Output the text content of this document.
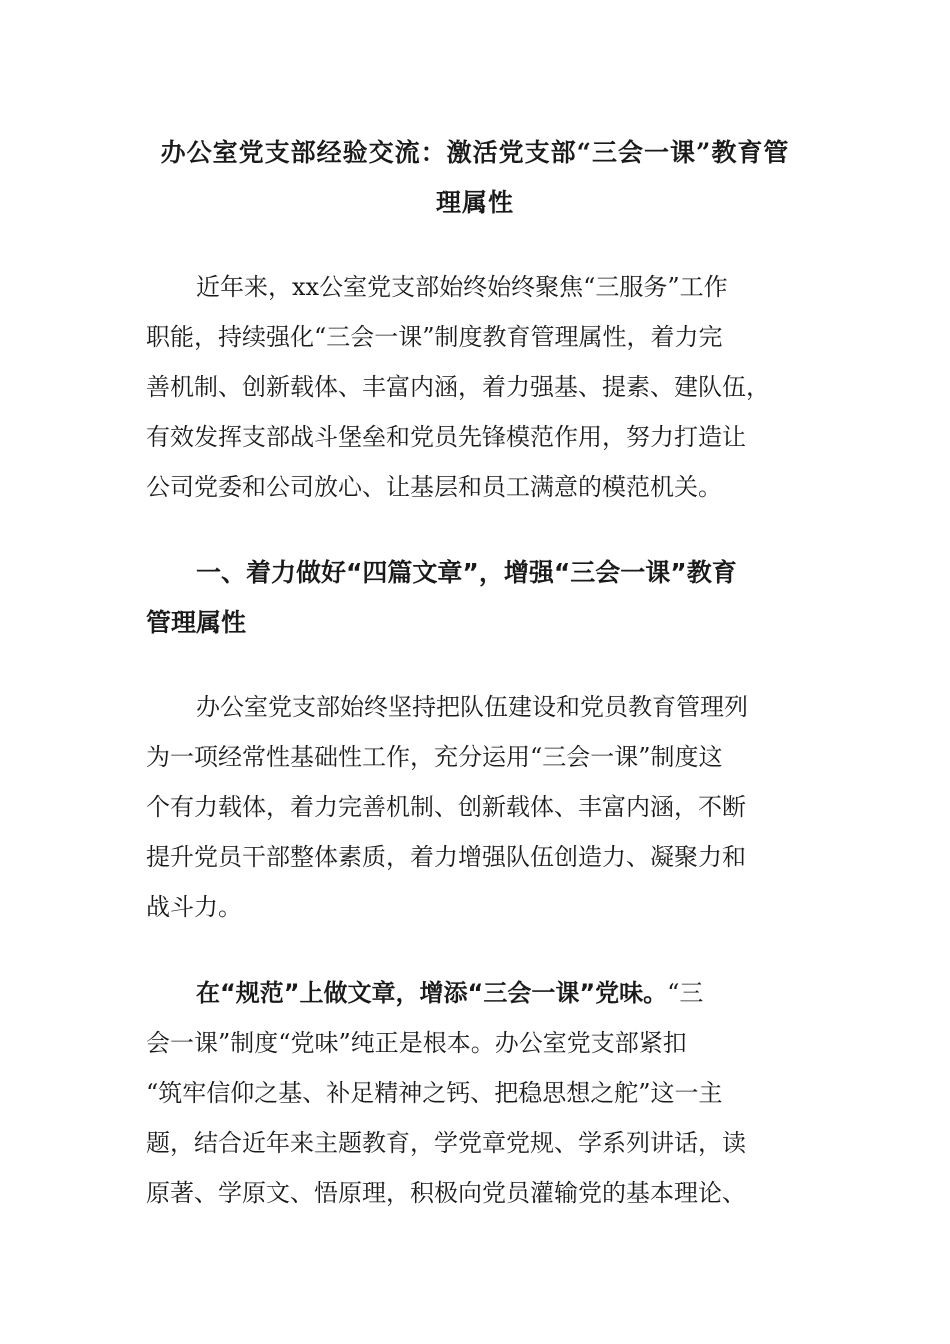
办公室党支部经验交流：激活党支部“三会一课”教育管
理属性

近年来，xx公室党支部始终始终聚焦“三服务”工作
职能，持续强化“三会一课”制度教育管理属性，着力完
善机制、创新载体、丰富内涵，着力强基、提素、建队伍，
有效发挥支部战斗堡垒和党员先锋模范作用，努力打造让
公司党委和公司放心、让基层和员工满意的模范机关。

一、着力做好“四篇文章”，增强“三会一课”教育
管理属性

办公室党支部始终坚持把队伍建设和党员教育管理列
为一项经常性基础性工作，充分运用“三会一课”制度这
个有力载体，着力完善机制、创新载体、丰富内涵，不断
提升党员干部整体素质，着力增强队伍创造力、凝聚力和
战斗力。

在“规范”上做文章，增添“三会一课”党味。“三
会一课”制度“党味”纯正是根本。办公室党支部紧扣
“筑牢信仰之基、补足精神之钙、把稳思想之舵”这一主
题，结合近年来主题教育，学党章党规、学系列讲话，读
原著、学原文、悟原理，积极向党员灌输党的基本理论、
